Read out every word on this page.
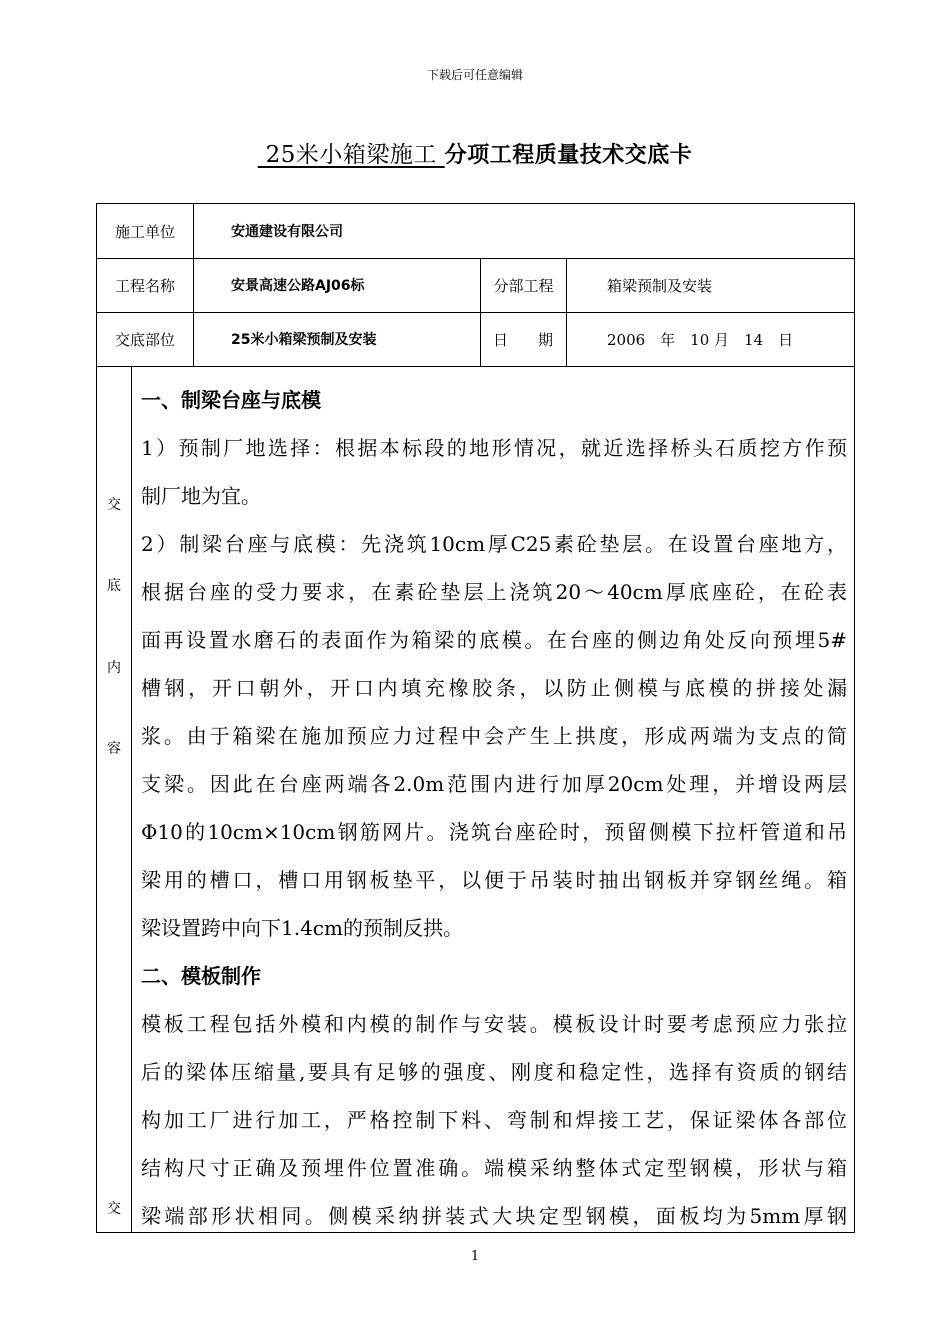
下载后可任意编辑
25米小箱梁施工 分项工程质量技术交底卡
施工单位	安通建设有限公司
工程名称	安景高速公路AJ06标	分部工程	箱梁预制及安装
交底部位	25米小箱梁预制及安装	日　　期	2006　年　10 月　14　日
交
底
内
容
交
一、制梁台座与底模
1）预制厂地选择：根据本标段的地形情况，就近选择桥头石质挖方作预
制厂地为宜。
2）制梁台座与底模：先浇筑10cm厚C25素砼垫层。在设置台座地方，
根据台座的受力要求，在素砼垫层上浇筑20～40cm厚底座砼，在砼表
面再设置水磨石的表面作为箱梁的底模。在台座的侧边角处反向预埋5#
槽钢，开口朝外，开口内填充橡胶条，以防止侧模与底模的拼接处漏
浆。由于箱梁在施加预应力过程中会产生上拱度，形成两端为支点的简
支梁。因此在台座两端各2.0m范围内进行加厚20cm处理，并增设两层
Φ10的10cm×10cm钢筋网片。浇筑台座砼时，预留侧模下拉杆管道和吊
梁用的槽口，槽口用钢板垫平，以便于吊装时抽出钢板并穿钢丝绳。箱
梁设置跨中向下1.4cm的预制反拱。
二、模板制作
模板工程包括外模和内模的制作与安装。模板设计时要考虑预应力张拉
后的梁体压缩量,要具有足够的强度、刚度和稳定性，选择有资质的钢结
构加工厂进行加工，严格控制下料、弯制和焊接工艺，保证梁体各部位
结构尺寸正确及预埋件位置准确。端模采纳整体式定型钢模，形状与箱
梁端部形状相同。侧模采纳拼装式大块定型钢模，面板均为5mm厚钢
1
